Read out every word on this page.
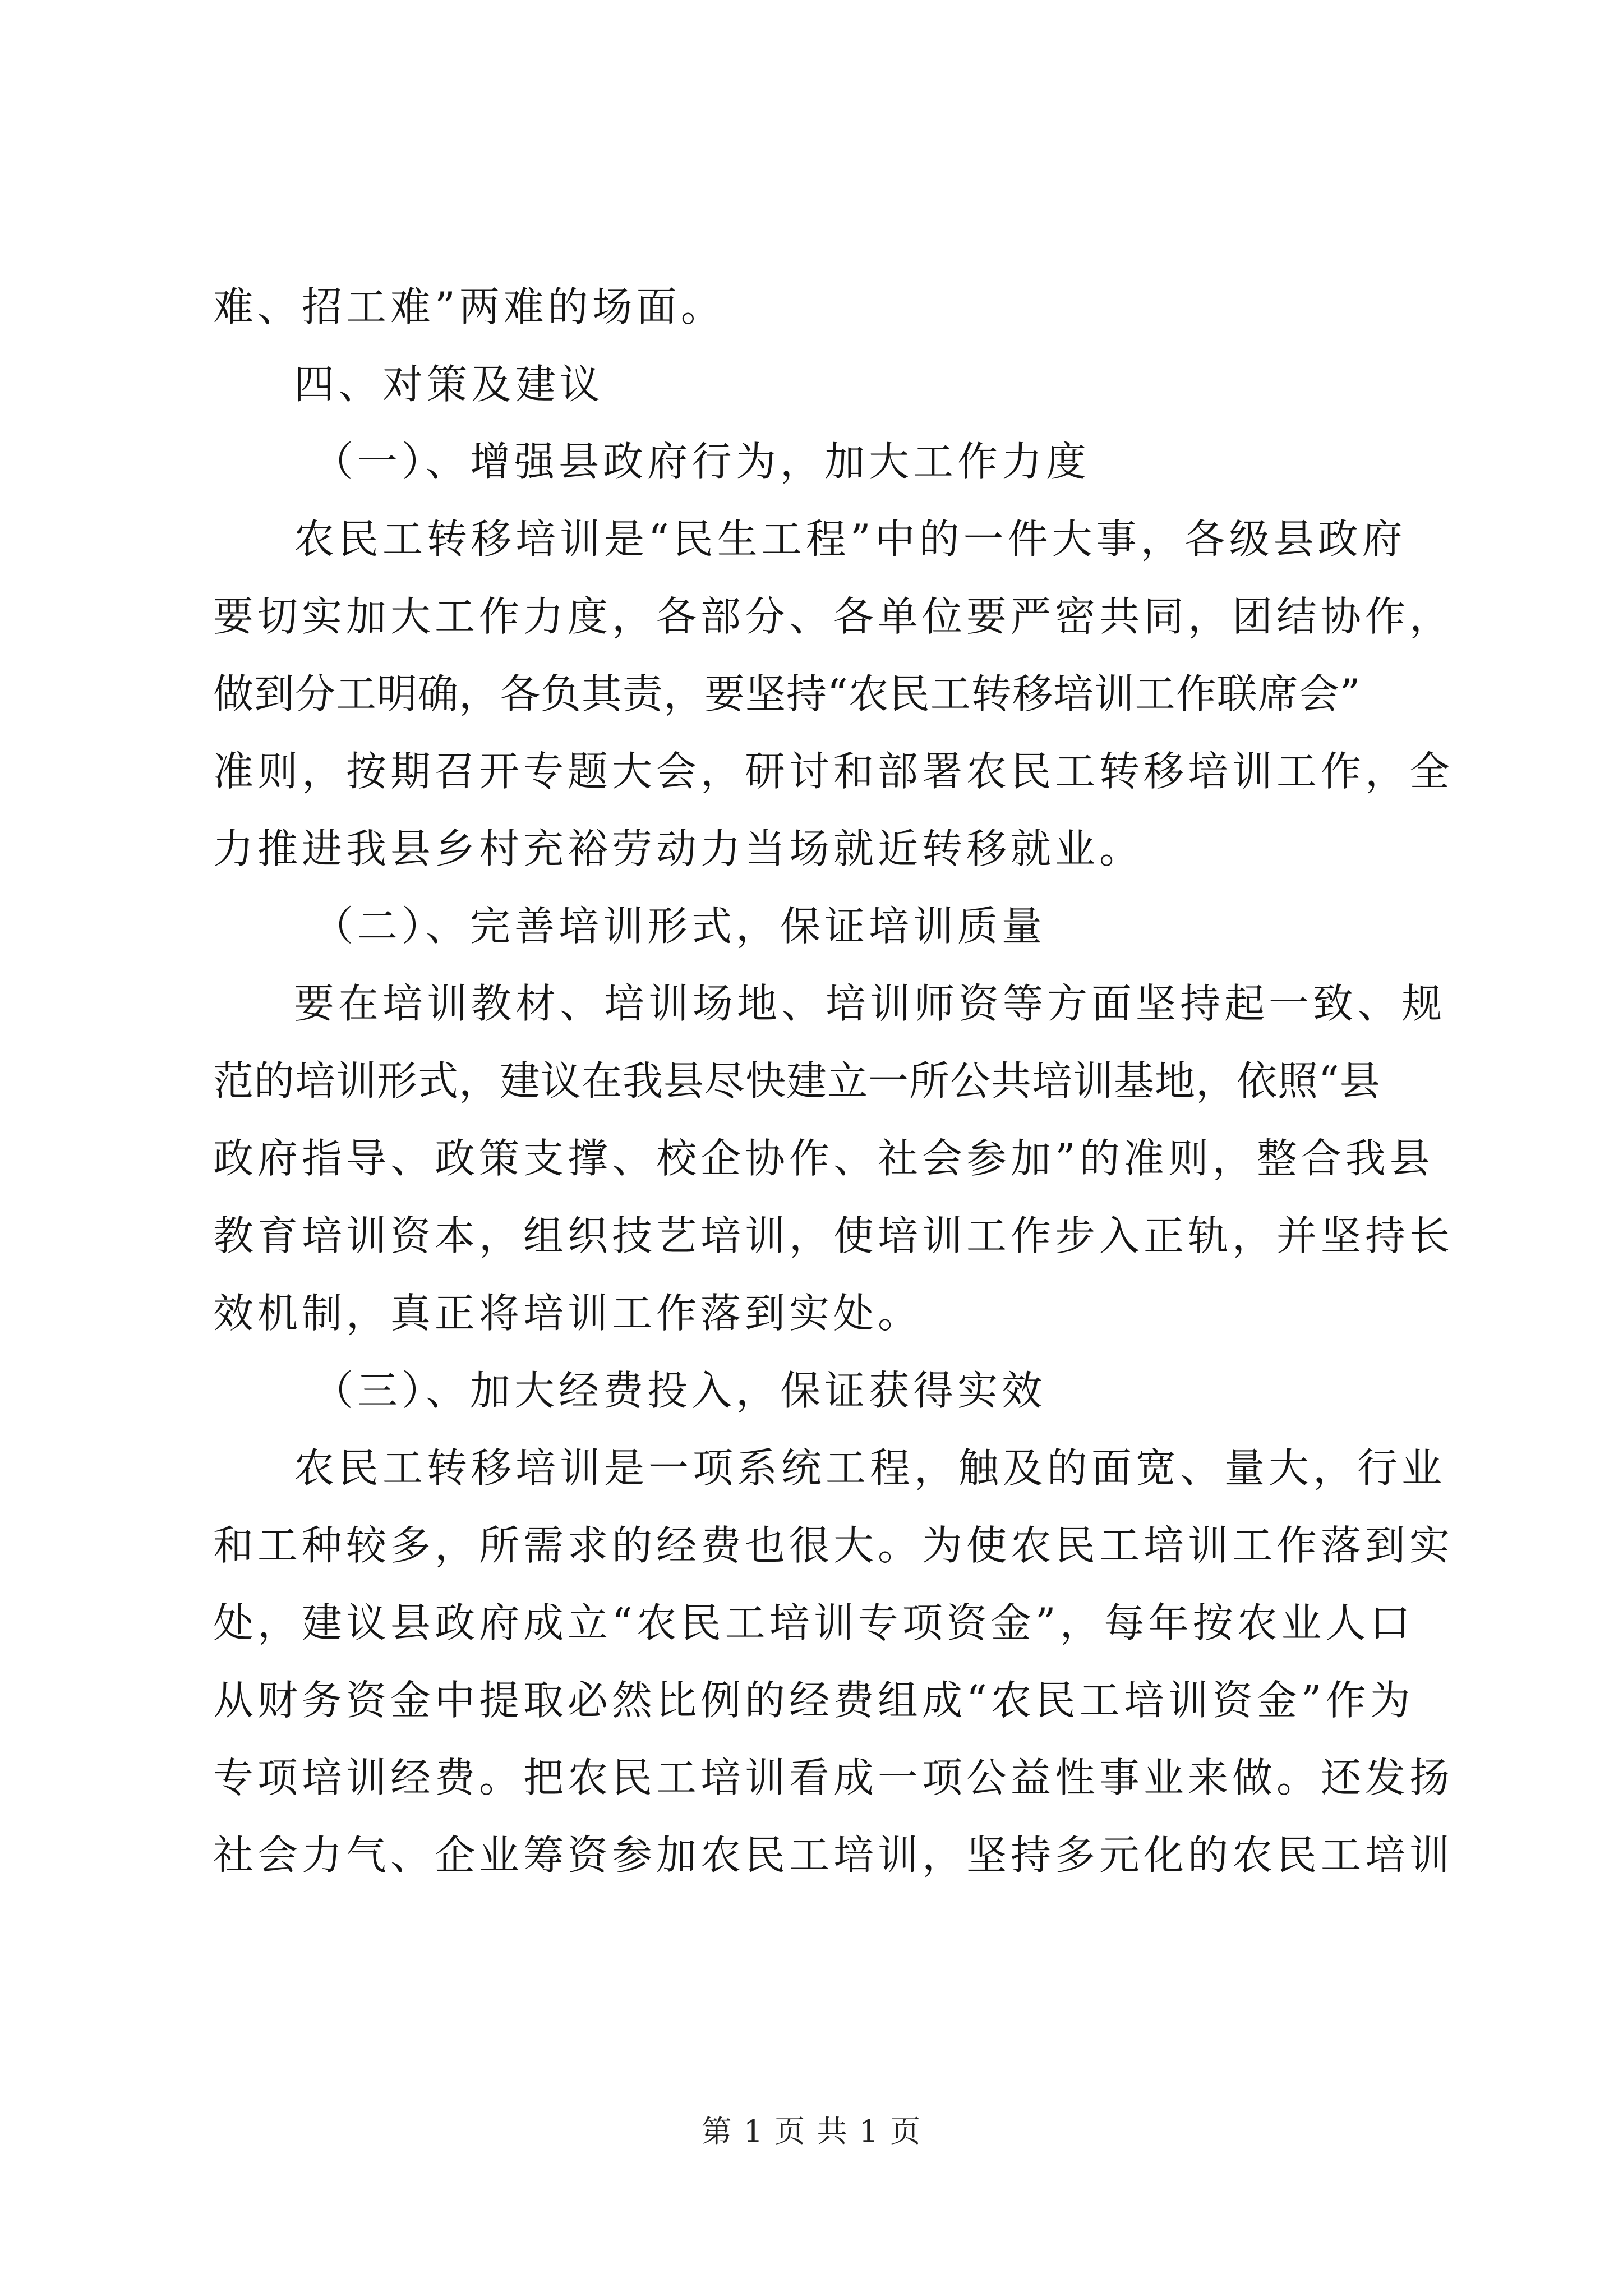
难、招工难”两难的场面。
四、对策及建议
（一）、增强县政府行为，加大工作力度
农民工转移培训是“民生工程”中的一件大事，各级县政府
要切实加大工作力度，各部分、各单位要严密共同，团结协作，
做到分工明确，各负其责，要坚持“农民工转移培训工作联席会”
准则，按期召开专题大会，研讨和部署农民工转移培训工作，全
力推进我县乡村充裕劳动力当场就近转移就业。
（二）、完善培训形式，保证培训质量
要在培训教材、培训场地、培训师资等方面坚持起一致、规
范的培训形式，建议在我县尽快建立一所公共培训基地，依照“县
政府指导、政策支撑、校企协作、社会参加”的准则，整合我县
教育培训资本，组织技艺培训，使培训工作步入正轨，并坚持长
效机制，真正将培训工作落到实处。
（三）、加大经费投入，保证获得实效
农民工转移培训是一项系统工程，触及的面宽、量大，行业
和工种较多，所需求的经费也很大。为使农民工培训工作落到实
处，建议县政府成立“农民工培训专项资金”，每年按农业人口
从财务资金中提取必然比例的经费组成“农民工培训资金”作为
专项培训经费。把农民工培训看成一项公益性事业来做。还发扬
社会力气、企业筹资参加农民工培训，坚持多元化的农民工培训
第 1 页 共 1 页
